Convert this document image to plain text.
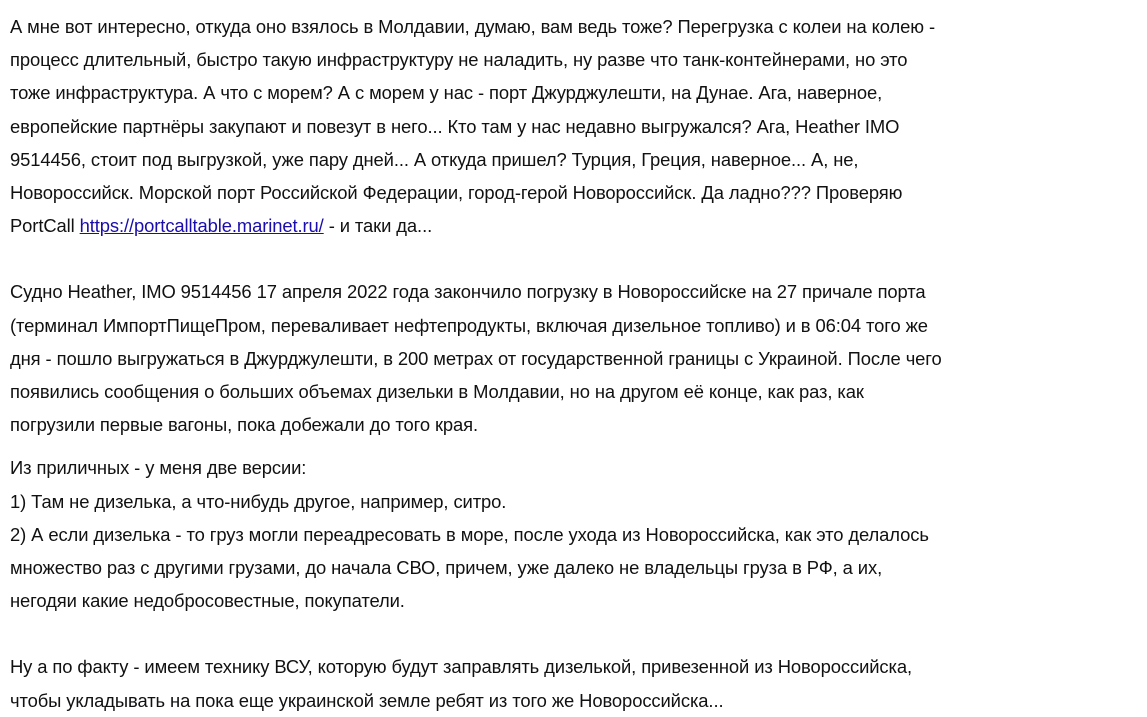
А мне вот интересно, откуда оно взялось в Молдавии, думаю, вам ведь тоже? Перегрузка с колеи на колею -
процесс длительный, быстро такую инфраструктуру не наладить, ну разве что танк-контейнерами, но это
тоже инфраструктура. А что с морем? А с морем у нас - порт Джурджулешти, на Дунае. Ага, наверное,
европейские партнёры закупают и повезут в него... Кто там у нас недавно выгружался? Ага, Heather IMO
9514456, стоит под выгрузкой, уже пару дней... А откуда пришел? Турция, Греция, наверное... А, не,
Новороссийск. Морской порт Российской Федерации, город-герой Новороссийск. Да ладно??? Проверяю
PortCall https://portcalltable.marinet.ru/ - и таки да...

Судно Heather, IMO 9514456 17 апреля 2022 года закончило погрузку в Новороссийске на 27 причале порта
(терминал ИмпортПищеПром, переваливает нефтепродукты, включая дизельное топливо) и в 06:04 того же
дня - пошло выгружаться в Джурджулешти, в 200 метрах от государственной границы с Украиной. После чего
появились сообщения о больших объемах дизельки в Молдавии, но на другом её конце, как раз, как
погрузили первые вагоны, пока добежали до того края.

Из приличных - у меня две версии:
1) Там не дизелька, а что-нибудь другое, например, ситро.
2) А если дизелька - то груз могли переадресовать в море, после ухода из Новороссийска, как это делалось
множество раз с другими грузами, до начала СВО, причем, уже далеко не владельцы груза в РФ, а их,
негодяи какие недобросовестные, покупатели.

Ну а по факту - имеем технику ВСУ, которую будут заправлять дизелькой, привезенной из Новороссийска,
чтобы укладывать на пока еще украинской земле ребят из того же Новороссийска...
